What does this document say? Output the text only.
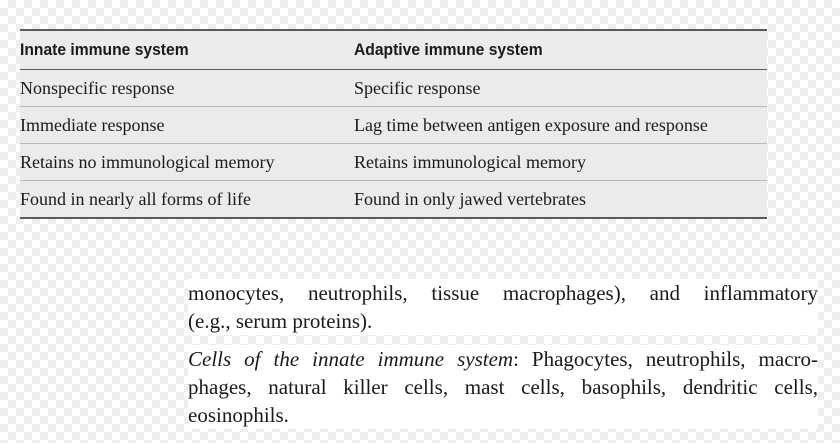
Innate immune system	Adaptive immune system
Nonspecific response	Specific response
Immediate response	Lag time between antigen exposure and response
Retains no immunological memory	Retains immunological memory
Found in nearly all forms of life	Found in only jawed vertebrates
monocytes, neutrophils, tissue macrophages), and inflammatory
(e.g., serum proteins).
Cells of the innate immune system: Phagocytes, neutrophils, macro-
phages, natural killer cells, mast cells, basophils, dendritic cells,
eosinophils.
